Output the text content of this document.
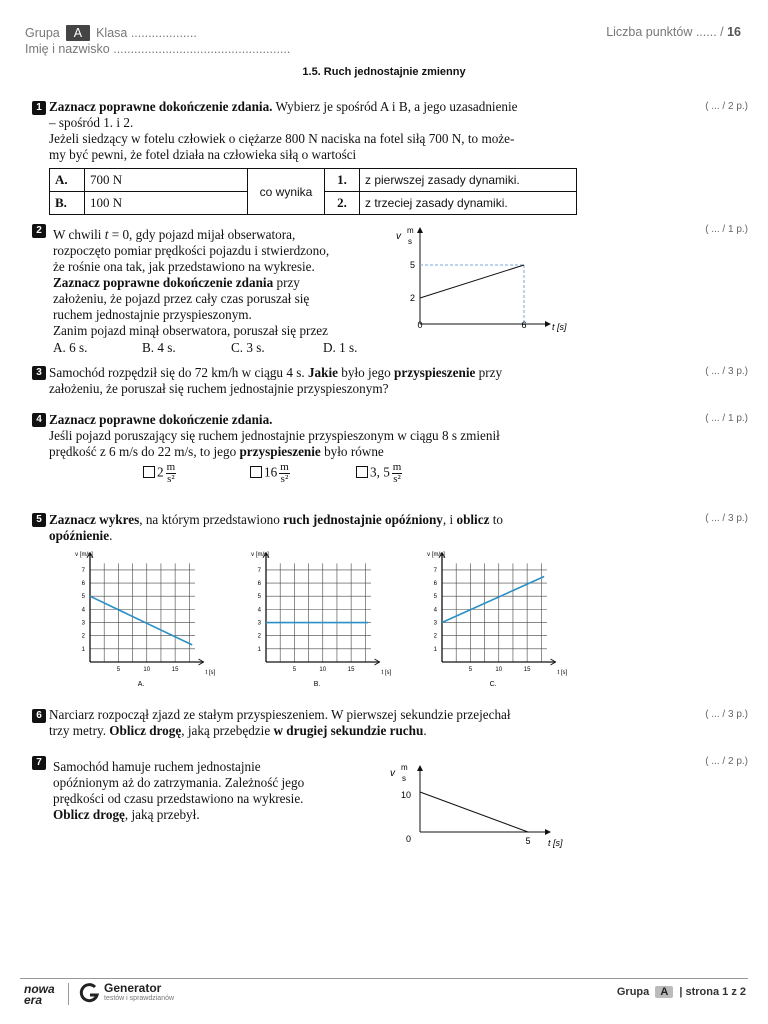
Grupa A Klasa ...................
Imię i nazwisko ...................................................
Liczba punktów ...... / 16
1.5. Ruch jednostajnie zmienny
1	( ... / 2 p.)

Zaznacz poprawne dokończenie zdania. Wybierz je spośród A i B, a jego uzasadnienie

– spośród 1. i 2.

Jeżeli siedzący w fotelu człowiek o ciężarze 800 N naciska na fotel siłą 700 N, to może-

my być pewni, że fotel działa na człowieka siłą o wartości

A.	700 N	co wynika	1.	z pierwszej zasady dynamiki.
B.	100 N		2.	z trzeciej zasady dynamiki.
2	( ... / 1 p.)

W chwili t = 0, gdy pojazd mijał obserwatora,

rozpoczęto pomiar prędkości pojazdu i stwierdzono,

że rośnie ona tak, jak przedstawiono na wykresie.

Zaznacz poprawne dokończenie zdania przy

założeniu, że pojazd przez cały czas poruszał się

ruchem jednostajnie przyspieszonym.

Zanim pojazd minął obserwatora, poruszał się przez

A. 6 s.	B. 4 s.	C. 3 s.	D. 1 s.
v
m
s
5
2
0	6	t [s]
3	( ... / 3 p.)

Samochód rozpędził się do 72 km/h w ciągu 4 s. Jakie było jego przyspieszenie przy

założeniu, że poruszał się ruchem jednostajnie przyspieszonym?

4	( ... / 1 p.)

Zaznacz poprawne dokończenie zdania.

Jeśli pojazd poruszający się ruchem jednostajnie przyspieszonym w ciągu 8 s zmienił

prędkość z 6 m/s do 22 m/s, to jego przyspieszenie było równe

$2 \frac{m}{\text{s²}}$	$16 \frac{m}{\text{s²}}$	3, $5 \frac{m}{\text{s²}}$
5	( ... / 3 p.)

Zaznacz wykres, na którym przedstawiono ruch jednostajnie opóźniony, i oblicz to

opóźnienie.

1
2
3
4
5
6
7
5	10	15
v [m/s]
t [s]
A.
1
2
3
4
5
6
7
5	10	15
v [m/s]
t [s]
B.
1
2
3
4
5
6
7
5	10	15
v [m/s]
t [s]
C.
6	( ... / 3 p.)

Narciarz rozpoczął zjazd ze stałym przyspieszeniem. W pierwszej sekundzie przejechał

trzy metry. Oblicz drogę, jaką przebędzie w drugiej sekundzie ruchu.

7	( ... / 2 p.)

Samochód hamuje ruchem jednostajnie

opóźnionym aż do zatrzymania. Zależność jego

prędkości od czasu przedstawiono na wykresie.

Oblicz drogę, jaką przebył.

v
m
s
10
0	5 t [s]
nowa
era
Generator
testów i sprawdzianów
Grupa A | strona 1 z 2
